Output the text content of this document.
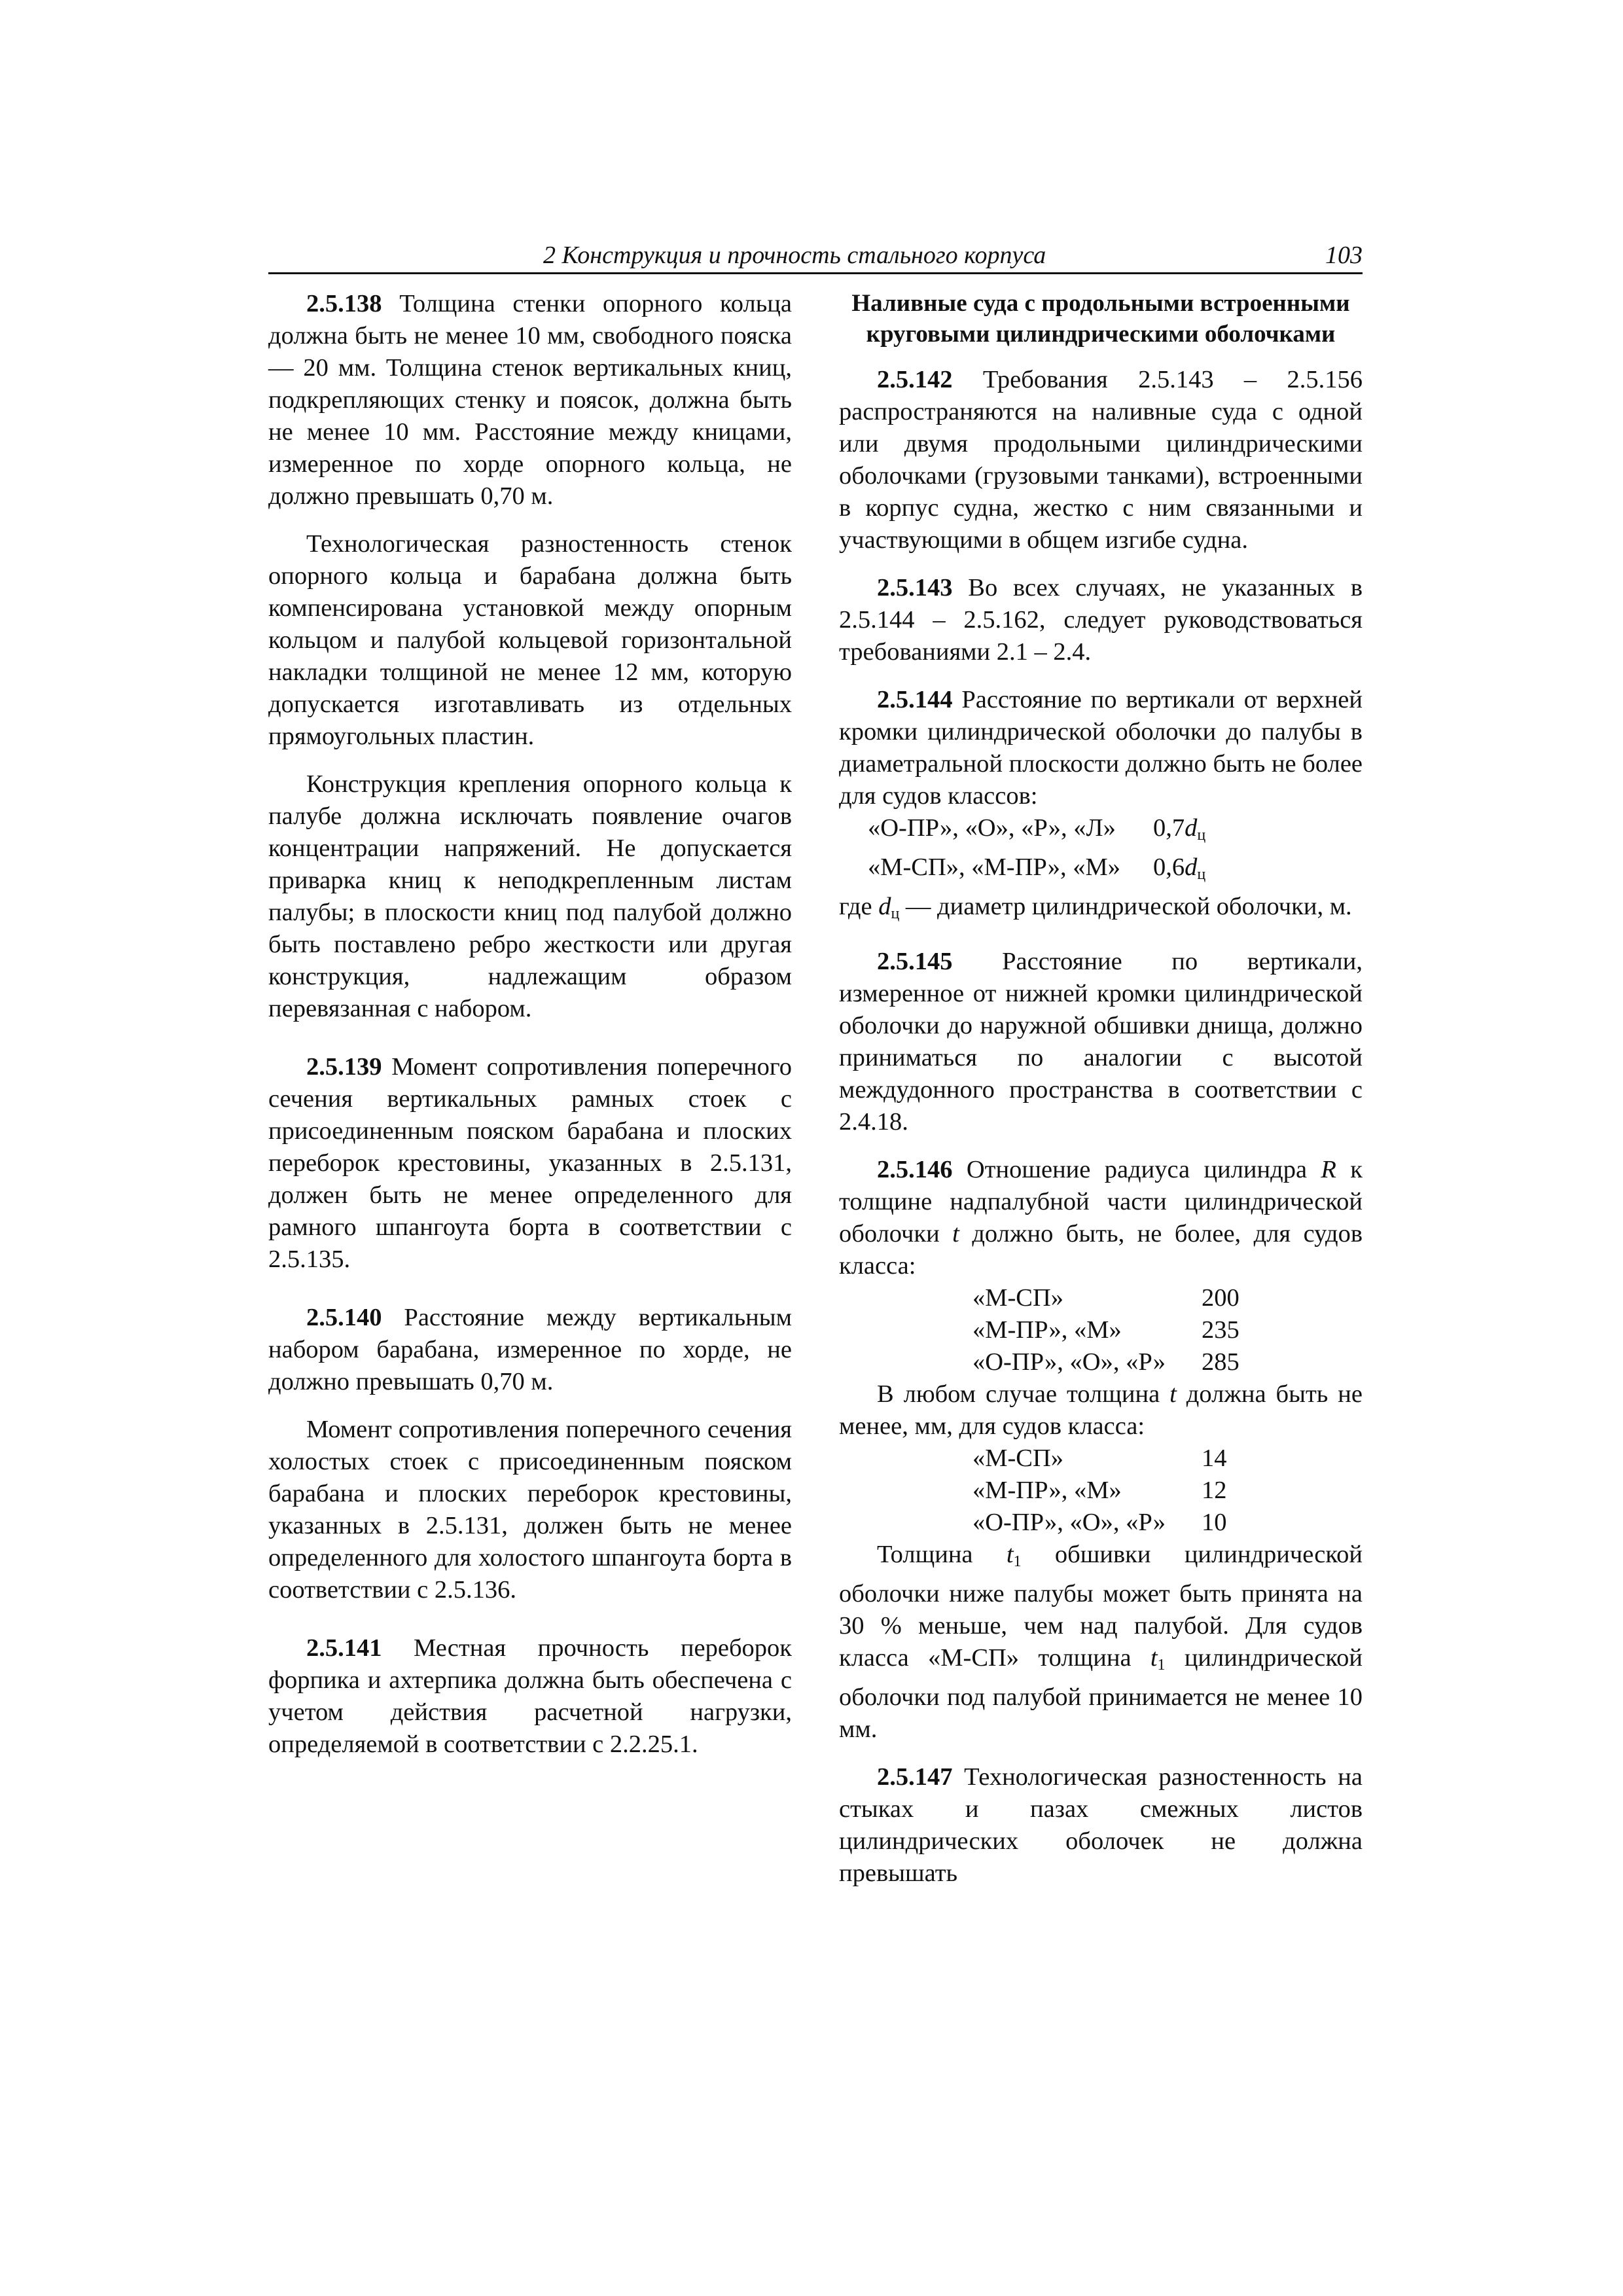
2 Конструкция и прочность стального корпуса	103

2.5.138 Толщина стенки опорного кольца должна быть не менее 10 мм, свободного пояска — 20 мм. Толщина стенок вертикальных книц, подкрепляющих стенку и поясок, должна быть не менее 10 мм. Расстояние между кницами, измеренное по хорде опорного кольца, не должно превышать 0,70 м.

Технологическая разностенность стенок опорного кольца и барабана должна быть компенсирована установкой между опорным кольцом и палубой кольцевой горизонтальной накладки толщиной не менее 12 мм, которую допускается изготавливать из отдельных прямоугольных пластин.

Конструкция крепления опорного кольца к палубе должна исключать появление очагов концентрации напряжений. Не допускается приварка книц к неподкрепленным листам палубы; в плоскости книц под палубой должно быть поставлено ребро жесткости или другая конструкция, надлежащим образом перевязанная с набором.

2.5.139 Момент сопротивления поперечного сечения вертикальных рамных стоек с присоединенным пояском барабана и плоских переборок крестовины, указанных в 2.5.131, должен быть не менее определенного для рамного шпангоута борта в соответствии с 2.5.135.

2.5.140 Расстояние между вертикальным набором барабана, измеренное по хорде, не должно превышать 0,70 м.

Момент сопротивления поперечного сечения холостых стоек с присоединенным пояском барабана и плоских переборок крестовины, указанных в 2.5.131, должен быть не менее определенного для холостого шпангоута борта в соответствии с 2.5.136.

2.5.141 Местная прочность переборок форпика и ахтерпика должна быть обеспечена с учетом действия расчетной нагрузки, определяемой в соответствии с 2.2.25.1.

Наливные суда с продольными встроенными круговыми цилиндрическими оболочками

2.5.142 Требования 2.5.143 – 2.5.156 распространяются на наливные суда с одной или двумя продольными цилиндрическими оболочками (грузовыми танками), встроенными в корпус судна, жестко с ним связанными и участвующими в общем изгибе судна.

2.5.143 Во всех случаях, не указанных в 2.5.144 – 2.5.162, следует руководствоваться требованиями 2.1 – 2.4.

2.5.144 Расстояние по вертикали от верхней кромки цилиндрической оболочки до палубы в диаметральной плоскости должно быть не более для судов классов:

«О-ПР», «О», «Р», «Л»	$0,7d_ц$
«М-СП», «М-ПР», «М»	$0,6d_ц$

где $d_ц$ — диаметр цилиндрической оболочки, м.

2.5.145 Расстояние по вертикали, измеренное от нижней кромки цилиндрической оболочки до наружной обшивки днища, должно приниматься по аналогии с высотой междудонного пространства в соответствии с 2.4.18.

2.5.146 Отношение радиуса цилиндра R к толщине надпалубной части цилиндрической оболочки t должно быть, не более, для судов класса:

«М-СП»	200
«М-ПР», «М»	235
«О-ПР», «О», «Р»	285

В любом случае толщина t должна быть не менее, мм, для судов класса:

«М-СП»	14
«М-ПР», «М»	12
«О-ПР», «О», «Р»	10

Толщина $t_1$ обшивки цилиндрической оболочки ниже палубы может быть принята на 30 % меньше, чем над палубой. Для судов класса «М-СП» толщина $t_1$ цилиндрической оболочки под палубой принимается не менее 10 мм.

2.5.147 Технологическая разностенность на стыках и пазах смежных листов цилиндрических оболочек не должна превышать
